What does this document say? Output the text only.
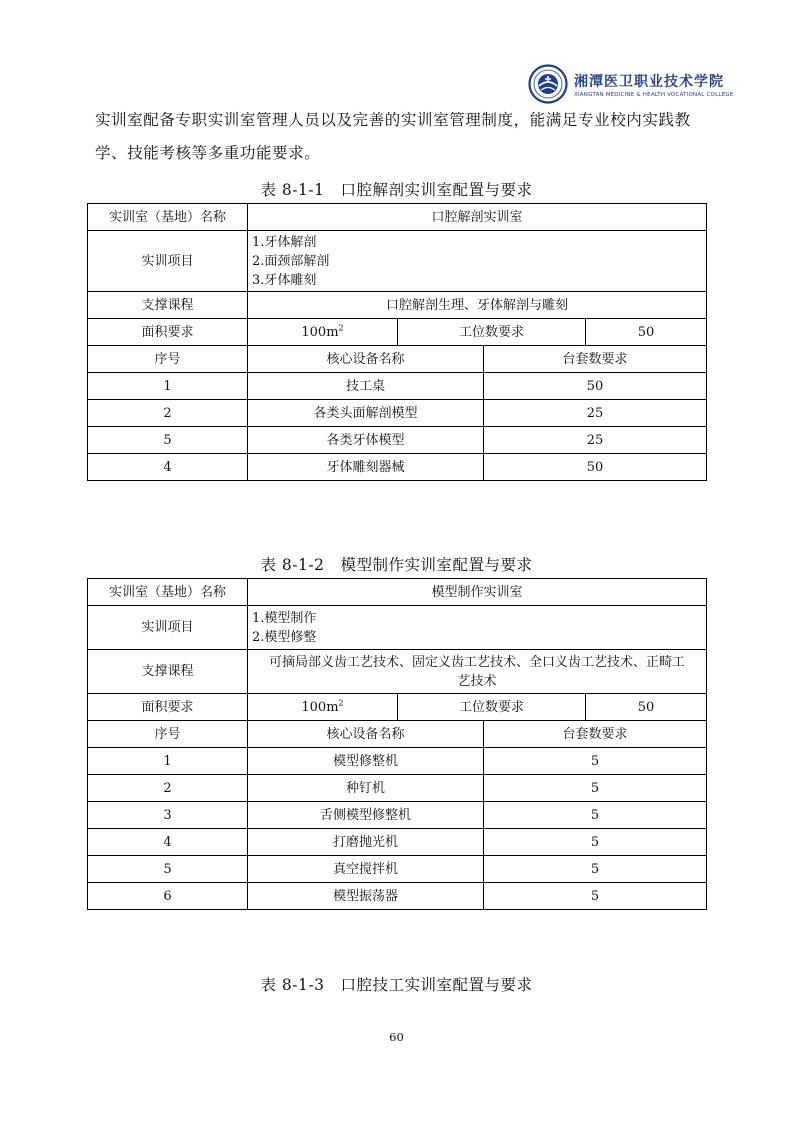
湘潭医卫职业技术学院
XIANGTAN MEDICINE & HEALTH VOCATIONAL COLLEGE
实训室配备专职实训室管理人员以及完善的实训室管理制度，能满足专业校内实践教
学、技能考核等多重功能要求。
表 8-1-1　口腔解剖实训室配置与要求
实训室（基地）名称	口腔解剖实训室			
实训项目	1.牙体解剖
2.面颈部解剖
3.牙体雕刻			

支撑课程	口腔解剖生理、牙体解剖与雕刻			
面积要求	$100m^2$	工位数要求		50
序号	核心设备名称		台套数要求	
1	技工桌		50	
2	各类头面解剖模型		25	
5	各类牙体模型		25	
4	牙体雕刻器械		50	
表 8-1-2　模型制作实训室配置与要求
实训室（基地）名称	模型制作实训室			
实训项目	1.模型制作
2.模型修整			

支撑课程	可摘局部义齿工艺技术、固定义齿工艺技术、全口义齿工艺技术、正畸工
艺技术			

面积要求	$100m^2$	工位数要求		50
序号	核心设备名称		台套数要求	
1	模型修整机		5	
2	种钉机		5	
3	舌侧模型修整机		5	
4	打磨抛光机		5	
5	真空搅拌机		5	
6	模型振荡器		5	
表 8-1-3　口腔技工实训室配置与要求
60
